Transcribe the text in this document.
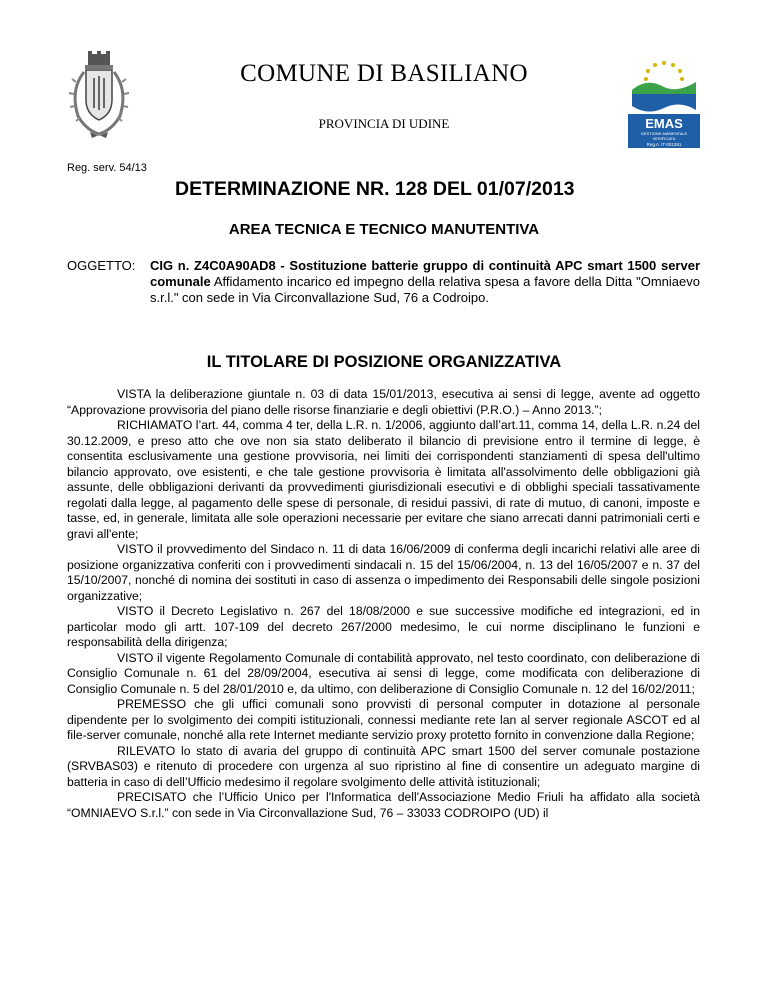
EMAS
GESTIONE AMBIENTALE
VERIFICATA
Reg.n. IT-001281
COMUNE DI BASILIANO
PROVINCIA DI UDINE
Reg. serv. 54/13
DETERMINAZIONE NR. 128 DEL 01/07/2013
AREA TECNICA E TECNICO MANUTENTIVA
OGGETTO: CIG n. Z4C0A90AD8 - Sostituzione batterie gruppo di continuità APC smart 1500 server comunale Affidamento incarico ed impegno della relativa spesa a favore della Ditta "Omniaevo s.r.l." con sede in Via Circonvallazione Sud, 76 a Codroipo.
IL TITOLARE DI POSIZIONE ORGANIZZATIVA

VISTA la deliberazione giuntale n. 03 di data 15/01/2013, esecutiva ai sensi di legge, avente ad oggetto “Approvazione provvisoria del piano delle risorse finanziarie e degli obiettivi (P.R.O.) – Anno 2013.”;

RICHIAMATO l’art. 44, comma 4 ter, della L.R. n. 1/2006, aggiunto dall’art.11, comma 14, della L.R. n.24 del 30.12.2009, e preso atto che ove non sia stato deliberato il bilancio di previsione entro il termine di legge, è consentita esclusivamente una gestione provvisoria, nei limiti dei corrispondenti stanziamenti di spesa dell'ultimo bilancio approvato, ove esistenti, e che tale gestione provvisoria è limitata all'assolvimento delle obbligazioni già assunte, delle obbligazioni derivanti da provvedimenti giurisdizionali esecutivi e di obblighi speciali tassativamente regolati dalla legge, al pagamento delle spese di personale, di residui passivi, di rate di mutuo, di canoni, imposte e tasse, ed, in generale, limitata alle sole operazioni necessarie per evitare che siano arrecati danni patrimoniali certi e gravi all'ente;

VISTO il provvedimento del Sindaco n. 11 di data 16/06/2009 di conferma degli incarichi relativi alle aree di posizione organizzativa conferiti con i provvedimenti sindacali n. 15 del 15/06/2004, n. 13 del 16/05/2007 e n. 37 del 15/10/2007, nonché di nomina dei sostituti in caso di assenza o impedimento dei Responsabili delle singole posizioni organizzative;

VISTO il Decreto Legislativo n. 267 del 18/08/2000 e sue successive modifiche ed integrazioni, ed in particolar modo gli artt. 107-109 del decreto 267/2000 medesimo, le cui norme disciplinano le funzioni e responsabilità della dirigenza;

VISTO il vigente Regolamento Comunale di contabilità approvato, nel testo coordinato, con deliberazione di Consiglio Comunale n. 61 del 28/09/2004, esecutiva ai sensi di legge, come modificata con deliberazione di Consiglio Comunale n. 5 del 28/01/2010 e, da ultimo, con deliberazione di Consiglio Comunale n. 12 del 16/02/2011;

PREMESSO che gli uffici comunali sono provvisti di personal computer in dotazione al personale dipendente per lo svolgimento dei compiti istituzionali, connessi mediante rete lan al server regionale ASCOT ed al file-server comunale, nonché alla rete Internet mediante servizio proxy protetto fornito in convenzione dalla Regione;

RILEVATO lo stato di avaria del gruppo di continuità APC smart 1500 del server comunale postazione (SRVBAS03) e ritenuto di procedere con urgenza al suo ripristino al fine di consentire un adeguato margine di batteria in caso di dell’Ufficio medesimo il regolare svolgimento delle attività istituzionali;

PRECISATO che l’Ufficio Unico per l'Informatica dell'Associazione Medio Friuli ha affidato alla società “OMNIAEVO S.r.l.” con sede in Via Circonvallazione Sud, 76 – 33033 CODROIPO (UD) il
